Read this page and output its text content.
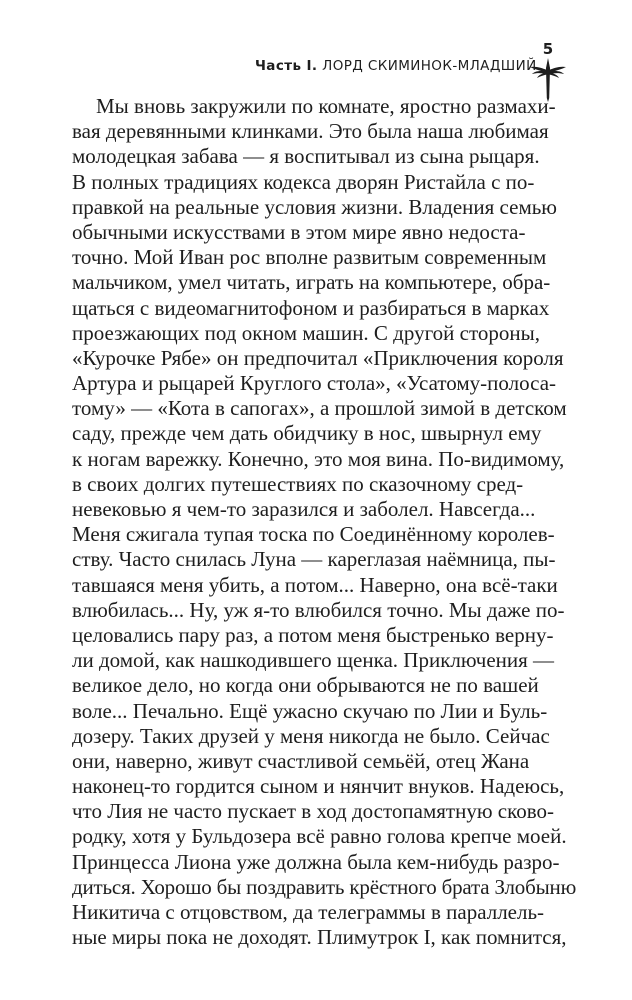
Часть I. ЛОРД СКИМИНОК-МЛАДШИЙ
5
Мы вновь закружили по комнате, яростно размахи-
вая деревянными клинками. Это была наша любимая
молодецкая забава — я воспитывал из сына рыцаря.
В полных традициях кодекса дворян Ристайла с по-
правкой на реальные условия жизни. Владения семью
обычными искусствами в этом мире явно недоста-
точно. Мой Иван рос вполне развитым современным
мальчиком, умел читать, играть на компьютере, обра-
щаться с видеомагнитофоном и разбираться в марках
проезжающих под окном машин. С другой стороны,
«Курочке Рябе» он предпочитал «Приключения короля
Артура и рыцарей Круглого стола», «Усатому-полоса-
тому» — «Кота в сапогах», а прошлой зимой в детском
саду, прежде чем дать обидчику в нос, швырнул ему
к ногам варежку. Конечно, это моя вина. По-видимому,
в своих долгих путешествиях по сказочному сред-
невековью я чем-то заразился и заболел. Навсегда...
Меня сжигала тупая тоска по Соединённому королев-
ству. Часто снилась Луна — кареглазая наёмница, пы-
тавшаяся меня убить, а потом... Наверно, она всё-таки
влюбилась... Ну, уж я-то влюбился точно. Мы даже по-
целовались пару раз, а потом меня быстренько верну-
ли домой, как нашкодившего щенка. Приключения —
великое дело, но когда они обрываются не по вашей
воле... Печально. Ещё ужасно скучаю по Лии и Буль-
дозеру. Таких друзей у меня никогда не было. Сейчас
они, наверно, живут счастливой семьёй, отец Жана
наконец-то гордится сыном и нянчит внуков. Надеюсь,
что Лия не часто пускает в ход достопамятную сково-
родку, хотя у Бульдозера всё равно голова крепче моей.
Принцесса Лиона уже должна была кем-нибудь разро-
диться. Хорошо бы поздравить крёстного брата Злобыню
Никитича с отцовством, да телеграммы в параллель-
ные миры пока не доходят. Плимутрок I, как помнится,
